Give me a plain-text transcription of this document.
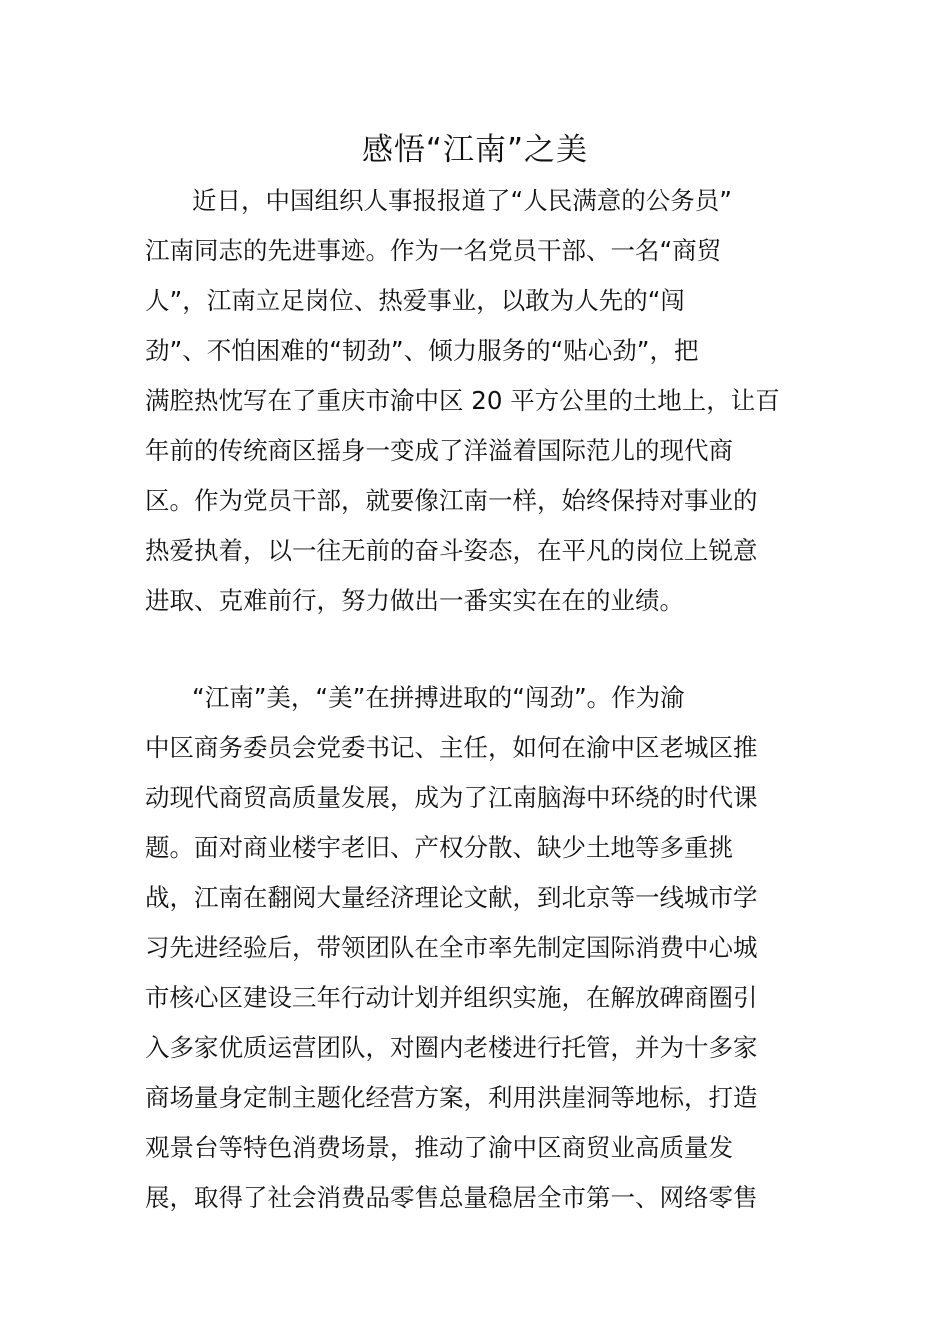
感悟“江南”之美
近日，中国组织人事报报道了“人民满意的公务员”
江南同志的先进事迹。作为一名党员干部、一名“商贸
人”，江南立足岗位、热爱事业，以敢为人先的“闯
劲”、不怕困难的“韧劲”、倾力服务的“贴心劲”，把
满腔热忱写在了重庆市渝中区 20 平方公里的土地上，让百
年前的传统商区摇身一变成了洋溢着国际范儿的现代商
区。作为党员干部，就要像江南一样，始终保持对事业的
热爱执着，以一往无前的奋斗姿态，在平凡的岗位上锐意
进取、克难前行，努力做出一番实实在在的业绩。
“江南”美，“美”在拼搏进取的“闯劲”。作为渝
中区商务委员会党委书记、主任，如何在渝中区老城区推
动现代商贸高质量发展，成为了江南脑海中环绕的时代课
题。面对商业楼宇老旧、产权分散、缺少土地等多重挑
战，江南在翻阅大量经济理论文献，到北京等一线城市学
习先进经验后，带领团队在全市率先制定国际消费中心城
市核心区建设三年行动计划并组织实施，在解放碑商圈引
入多家优质运营团队，对圈内老楼进行托管，并为十多家
商场量身定制主题化经营方案，利用洪崖洞等地标，打造
观景台等特色消费场景，推动了渝中区商贸业高质量发
展，取得了社会消费品零售总量稳居全市第一、网络零售
